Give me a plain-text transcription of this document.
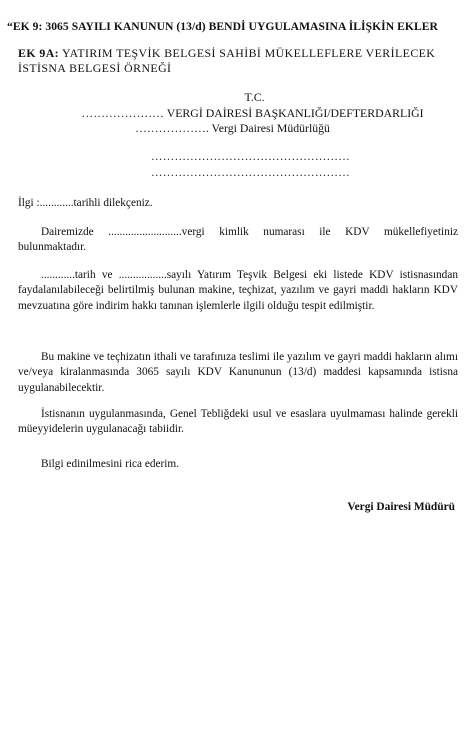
“EK 9: 3065 SAYILI KANUNUN (13/d) BENDİ UYGULAMASINA İLİŞKİN EKLER
EK 9A: YATIRIM TEŞVİK BELGESİ SAHİBİ MÜKELLEFLERE VERİLECEK İSTİSNA BELGESİ ÖRNEĞİ
T.C.
………………… VERGİ DAİRESİ BAŞKANLIĞI/DEFTERDARLIĞI
………………. Vergi Dairesi Müdürlüğü
……………………………………………
……………………………………………
İlgi :............tarihli dilekçeniz.
Dairemizde ..........................vergi kimlik numarası ile KDV mükellefiyetiniz bulunmaktadır.
............tarih ve .................sayılı Yatırım Teşvik Belgesi eki listede KDV istisnasından faydalanılabileceği belirtilmiş bulunan makine, teçhizat, yazılım ve gayri maddi hakların KDV mevzuatına göre indirim hakkı tanınan işlemlerle ilgili olduğu tespit edilmiştir.
Bu makine ve teçhizatın ithali ve tarafınıza teslimi ile yazılım ve gayri maddi hakların alımı ve/veya kiralanmasında 3065 sayılı KDV Kanununun (13/d) maddesi kapsamında istisna uygulanabilecektir.
İstisnanın uygulanmasında, Genel Tebliğdeki usul ve esaslara uyulmaması halinde gerekli müeyyidelerin uygulanacağı tabiidir.
Bilgi edinilmesini rica ederim.
Vergi Dairesi Müdürü
